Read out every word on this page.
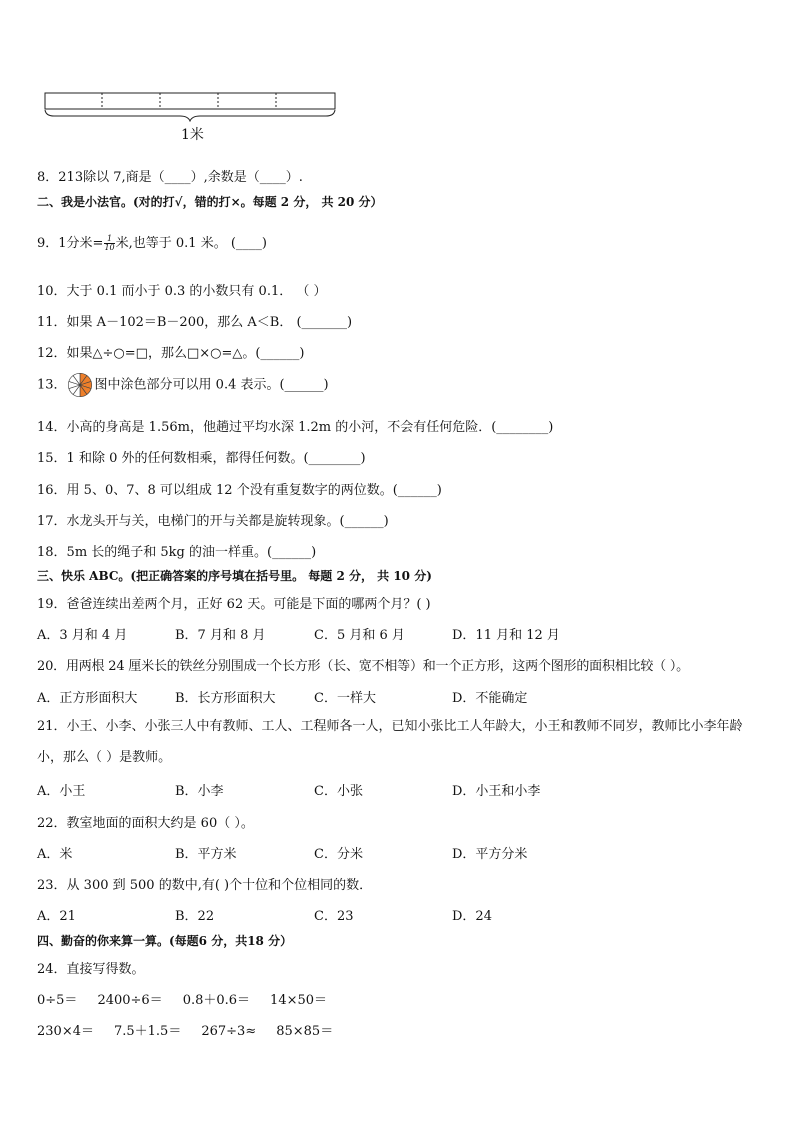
1米
8．213除以 7,商是（____）,余数是（____）.
二、我是小法官。(对的打√，错的打×。每题 2 分， 共 20 分）
9．1分米= $\frac{1}{10}$ 米,也等于 0.1 米。 (____)
10．大于 0.1 而小于 0.3 的小数只有 0.1． （ ）
11．如果 A－102＝B－200，那么 A＜B． (_______)
12．如果△÷○=□，那么□×○=△。(______)
13． 图中涂色部分可以用 0.4 表示。(______)
14．小高的身高是 1.56m，他趟过平均水深 1.2m 的小河，不会有任何危险．(________)
15．1 和除 0 外的任何数相乘，都得任何数。(________)
16．用 5、0、7、8 可以组成 12 个没有重复数字的两位数。(______)
17．水龙头开与关，电梯门的开与关都是旋转现象。(______)
18．5m 长的绳子和 5kg 的油一样重。(______)
三、快乐 ABC。(把正确答案的序号填在括号里。 每题 2 分， 共 10 分)
19．爸爸连续出差两个月，正好 62 天。可能是下面的哪两个月？( )
A．3 月和 4 月	B．7 月和 8 月	C．5 月和 6 月	D．11 月和 12 月
20．用两根 24 厘米长的铁丝分别围成一个长方形（长、宽不相等）和一个正方形，这两个图形的面积相比较（ ）。
A．正方形面积大	B．长方形面积大	C．一样大	D．不能确定
21．小王、小李、小张三人中有教师、工人、工程师各一人，已知小张比工人年龄大，小王和教师不同岁，教师比小李年龄小，那么（ ）是教师。
A．小王	B．小李	C．小张	D．小王和小李
22．教室地面的面积大约是 60（ ）。
A．米	B．平方米	C．分米	D．平方分米
23．从 300 到 500 的数中,有( )个十位和个位相同的数．
A．21	B．22	C．23	D．24
四、勤奋的你来算一算。(每题6 分，共18 分）
24．直接写得数。
0÷5＝ 2400÷6＝ 0.8＋0.6＝ 14×50＝
230×4＝ 7.5＋1.5＝ 267÷3≈ 85×85＝
